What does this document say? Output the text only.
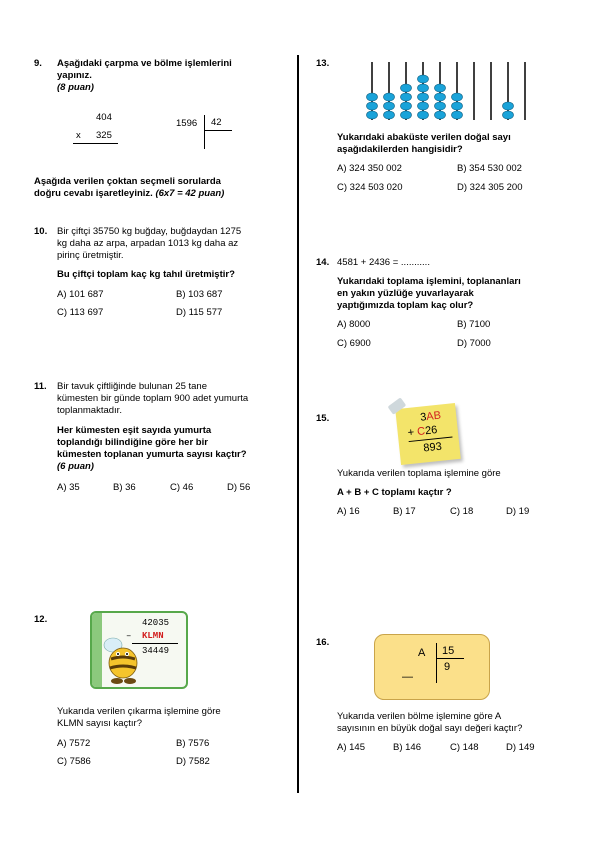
9. Aşağıdaki çarpma ve bölme işlemlerini
yapınız.
(8 puan)
404
x 325
1596 42
Aşağıda verilen çoktan seçmeli sorularda
doğru cevabı işaretleyiniz. (6x7 = 42 puan)
10. Bir çiftçi 35750 kg buğday, buğdaydan 1275
kg daha az arpa, arpadan 1013 kg daha az
pirinç üretmiştir.
Bu çiftçi toplam kaç kg tahıl üretmiştir?
A) 101 687	B) 103 687
C) 113 697	D) 115 577
11. Bir tavuk çiftliğinde bulunan 25 tane
kümesten bir günde toplam 900 adet yumurta
toplanmaktadır.
Her kümesten eşit sayıda yumurta
toplandığı bilindiğine göre her bir
kümesten toplanan yumurta sayısı kaçtır?
(6 puan)
A) 35	B) 36	C) 46	D) 56
12.	42035
– KLMN
34449
Yukarıda verilen çıkarma işlemine göre
KLMN sayısı kaçtır?
A) 7572	B) 7576
C) 7586	D) 7582
13.
Yukarıdaki abaküste verilen doğal sayı
aşağıdakilerden hangisidir?
A) 324 350 002	B) 354 530 002
C) 324 503 020	D) 324 305 200
14. 4581 + 2436 = ...........
Yukarıdaki toplama işlemini, toplananları
en yakın yüzlüğe yuvarlayarak
yaptığımızda toplam kaç olur?
A) 8000	B) 7100
C) 6900	D) 7000
15.	3AB
+ C26
893
Yukarıda verilen toplama işlemine göre
A + B + C toplamı kaçtır ?
A) 16	B) 17	C) 18	D) 19
16.
A 15
9
—
Yukarıda verilen bölme işlemine göre A
sayısının en büyük doğal sayı değeri kaçtır?
A) 145	B) 146	C) 148	D) 149
